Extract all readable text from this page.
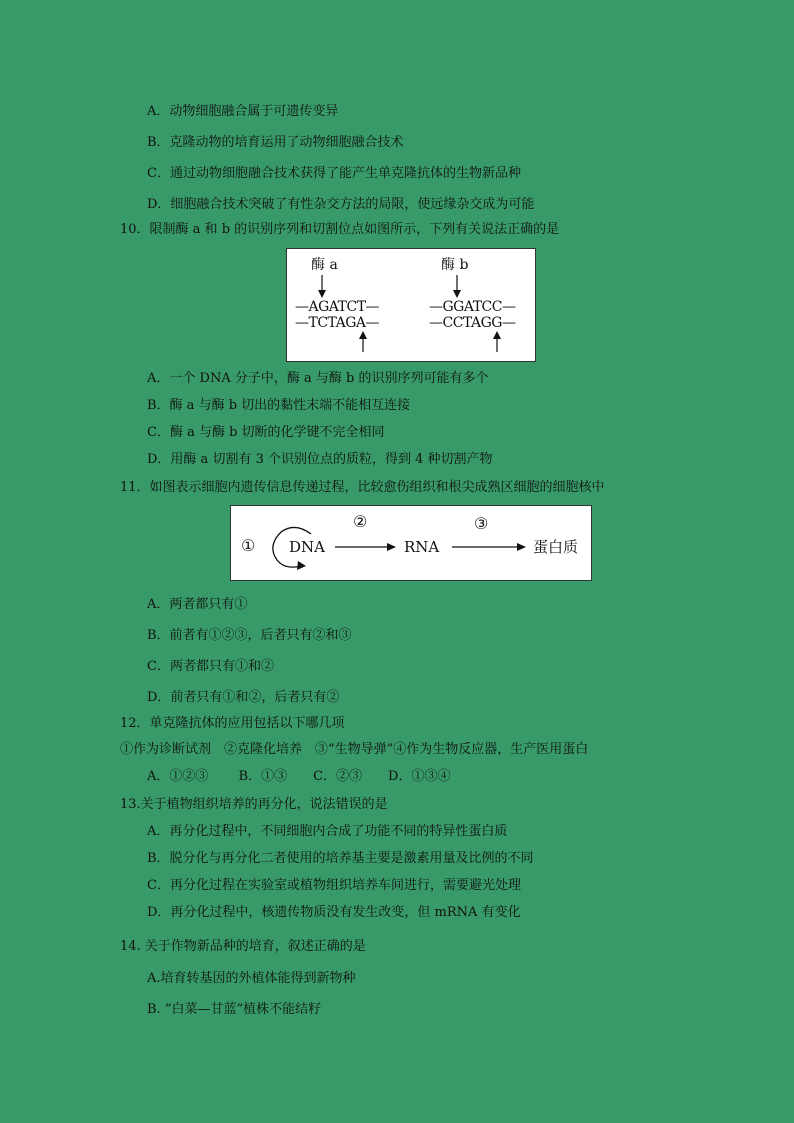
A．动物细胞融合属于可遗传变异
B．克隆动物的培育运用了动物细胞融合技术
C．通过动物细胞融合技术获得了能产生单克隆抗体的生物新品种
D．细胞融合技术突破了有性杂交方法的局限，使远缘杂交成为可能
10．限制酶 a 和 b 的识别序列和切割位点如图所示，下列有关说法正确的是
酶 a	酶 b
—AGATCT—
—TCTAGA—
—GGATCC—
—CCTAGG—
A．一个 DNA 分子中，酶 a 与酶 b 的识别序列可能有多个
B．酶 a 与酶 b 切出的黏性末端不能相互连接
C．酶 a 与酶 b 切断的化学键不完全相同
D．用酶 a 切割有 3 个识别位点的质粒，得到 4 种切割产物
11．如图表示细胞内遗传信息传递过程，比较愈伤组织和根尖成熟区细胞的细胞核中
① DNA
②
RNA
③
蛋白质
A．两者都只有①
B．前者有①②③，后者只有②和③
C．两者都只有①和②
D．前者只有①和②，后者只有②
12．单克隆抗体的应用包括以下哪几项
①作为诊断试剂　②克隆化培养　③“生物导弹”④作为生物反应器，生产医用蛋白
A．①②③　　 B．①③　　C．②③　　D．①③④
13.关于植物组织培养的再分化，说法错误的是
A．再分化过程中，不同细胞内合成了功能不同的特异性蛋白质
B．脱分化与再分化二者使用的培养基主要是激素用量及比例的不同
C．再分化过程在实验室或植物组织培养车间进行，需要避光处理
D．再分化过程中，核遗传物质没有发生改变，但 mRNA 有变化
14. 关于作物新品种的培育，叙述正确的是
A.培育转基因的外植体能得到新物种
B. “白菜—甘蓝”植株不能结籽
